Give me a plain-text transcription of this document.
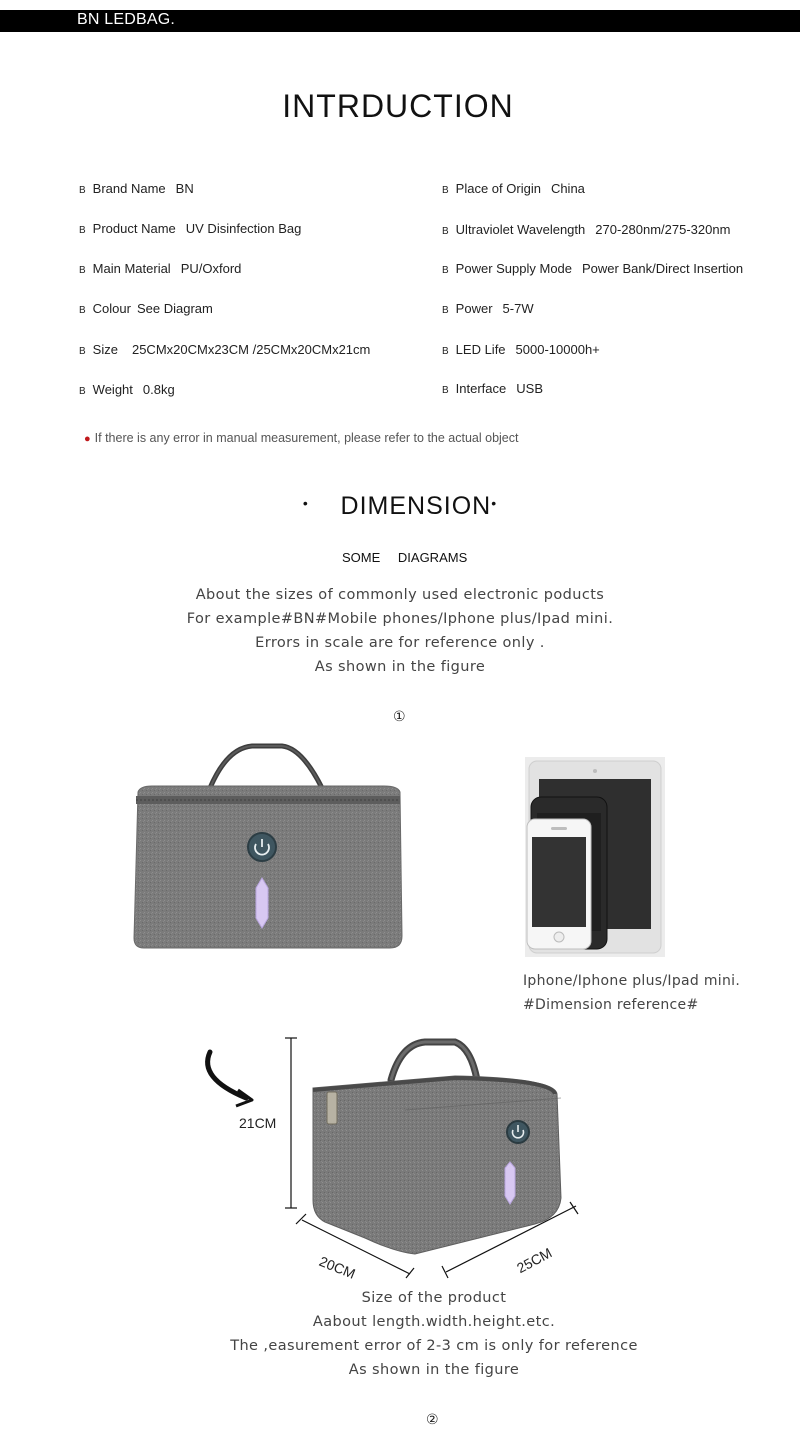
BN LEDBAG.
INTRDUCTION
B Brand Name BN
B Product Name UV Disinfection Bag
B Main Material PU/Oxford
B Colour See Diagram
B Size 25CMx20CMx23CM /25CMx20CMx21cm
B Weight 0.8kg
B Place of Origin China
B Ultraviolet Wavelength 270-280nm/275-320nm
B Power Supply Mode Power Bank/Direct Insertion
B Power 5-7W
B LED Life 5000-10000h+
B Interface USB
● If there is any error in manual measurement, please refer to the actual object
• DIMENSION•
SOME DIAGRAMS
About the sizes of commonly used electronic poducts
For example#BN#Mobile phones/Iphone plus/Ipad mini.
Errors in scale are for reference only .
As shown in the figure
①
Iphone/Iphone plus/Ipad mini.
#Dimension reference#
21CM
20CM	25CM
Size of the product
Aabout length.width.height.etc.
The ,easurement error of 2-3 cm is only for reference
As shown in the figure
②
